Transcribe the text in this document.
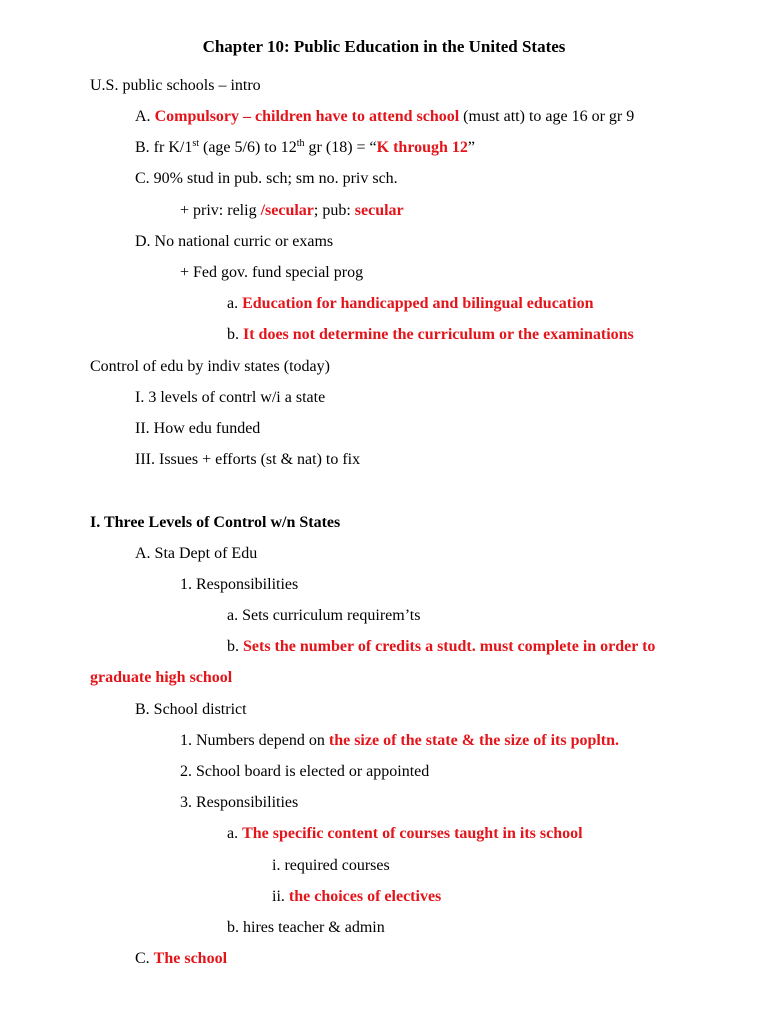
Chapter 10: Public Education in the United States
U.S. public schools – intro
A. Compulsory – children have to attend school (must att) to age 16 or gr 9
B. fr K/1st (age 5/6) to 12th gr (18) = “K through 12”
C. 90% stud in pub. sch; sm no. priv sch.
+ priv: relig /secular; pub: secular
D. No national curric or exams
+ Fed gov. fund special prog
a. Education for handicapped and bilingual education
b. It does not determine the curriculum or the examinations
Control of edu by indiv states (today)
I. 3 levels of contrl w/i a state
II. How edu funded
III. Issues + efforts (st & nat) to fix
I. Three Levels of Control w/n States
A. Sta Dept of Edu
1. Responsibilities
a. Sets curriculum requirem’ts
b. Sets the number of credits a studt. must complete in order to
graduate high school
B. School district
1. Numbers depend on the size of the state & the size of its popltn.
2. School board is elected or appointed
3. Responsibilities
a. The specific content of courses taught in its school
i. required courses
ii. the choices of electives
b. hires teacher & admin
C. The school
